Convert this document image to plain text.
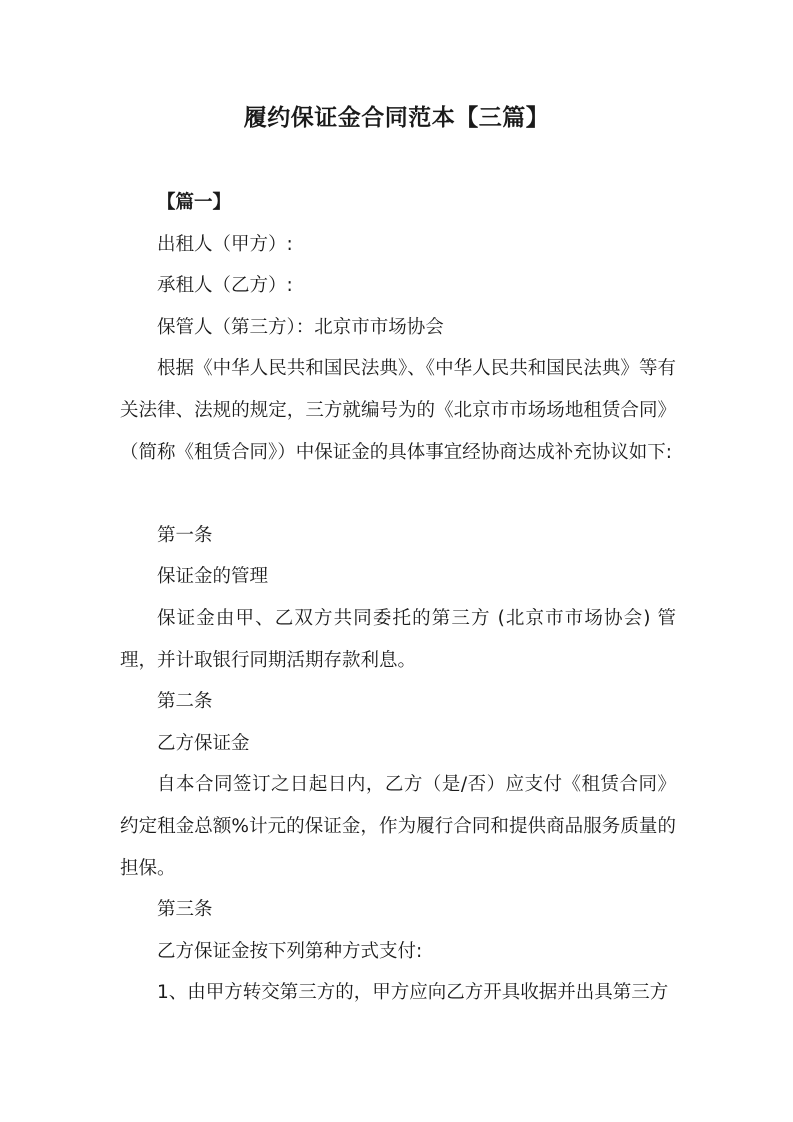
履约保证金合同范本【三篇】

【篇一】

出租人（甲方）:

承租人（乙方）:

保管人（第三方）：北京市市场协会

根据《中华人民共和国民法典》、《中华人民共和国民法典》等有关法律、法规的规定，三方就编号为的《北京市市场场地租赁合同》（简称《租赁合同》）中保证金的具体事宜经协商达成补充协议如下:

第一条

保证金的管理

保证金由甲、乙双方共同委托的第三方 (北京市市场协会) 管理，并计取银行同期活期存款利息。

第二条

乙方保证金

自本合同签订之日起日内，乙方（是/否）应支付《租赁合同》约定租金总额%计元的保证金，作为履行合同和提供商品服务质量的担保。

第三条

乙方保证金按下列第种方式支付:

1、由甲方转交第三方的，甲方应向乙方开具收据并出具第三方
